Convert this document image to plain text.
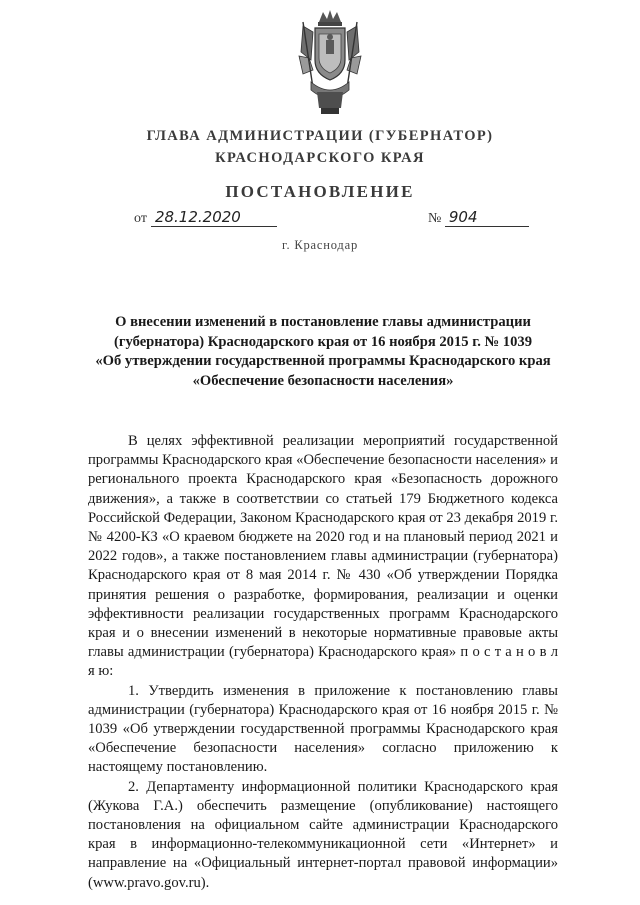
ГЛАВА АДМИНИСТРАЦИИ (ГУБЕРНАТОР)
КРАСНОДАРСКОГО КРАЯ
ПОСТАНОВЛЕНИЕ
от 28.12.2020	№ 904
г. Краснодар
О внесении изменений в постановление главы администрации
(губернатора) Краснодарского края от 16 ноября 2015 г. № 1039
«Об утверждении государственной программы Краснодарского края
«Обеспечение безопасности населения»

В целях эффективной реализации мероприятий государственной программы Краснодарского края «Обеспечение безопасности населения» и регионального проекта Краснодарского края «Безопасность дорожного движения», а также в соответствии со статьей 179 Бюджетного кодекса Российской Федерации, Законом Краснодарского края от 23 декабря 2019 г. № 4200-КЗ «О краевом бюджете на 2020 год и на плановый период 2021 и 2022 годов», а также постановлением главы администрации (губернатора) Краснодарского края от 8 мая 2014 г. № 430 «Об утверждении Порядка принятия решения о разработке, формирования, реализации и оценки эффективности реализации государственных программ Краснодарского края и о внесении изменений в некоторые нормативные правовые акты главы администрации (губернатора) Краснодарского края» п о с т а н о в л я ю:

1. Утвердить изменения в приложение к постановлению главы администрации (губернатора) Краснодарского края от 16 ноября 2015 г. № 1039 «Об утверждении государственной программы Краснодарского края «Обеспечение безопасности населения» согласно приложению к настоящему постановлению.

2. Департаменту информационной политики Краснодарского края (Жукова Г.А.) обеспечить размещение (опубликование) настоящего постановления на официальном сайте администрации Краснодарского края в информационно-телекоммуникационной сети «Интернет» и направление на «Официальный интернет-портал правовой информации» (www.pravo.gov.ru).
